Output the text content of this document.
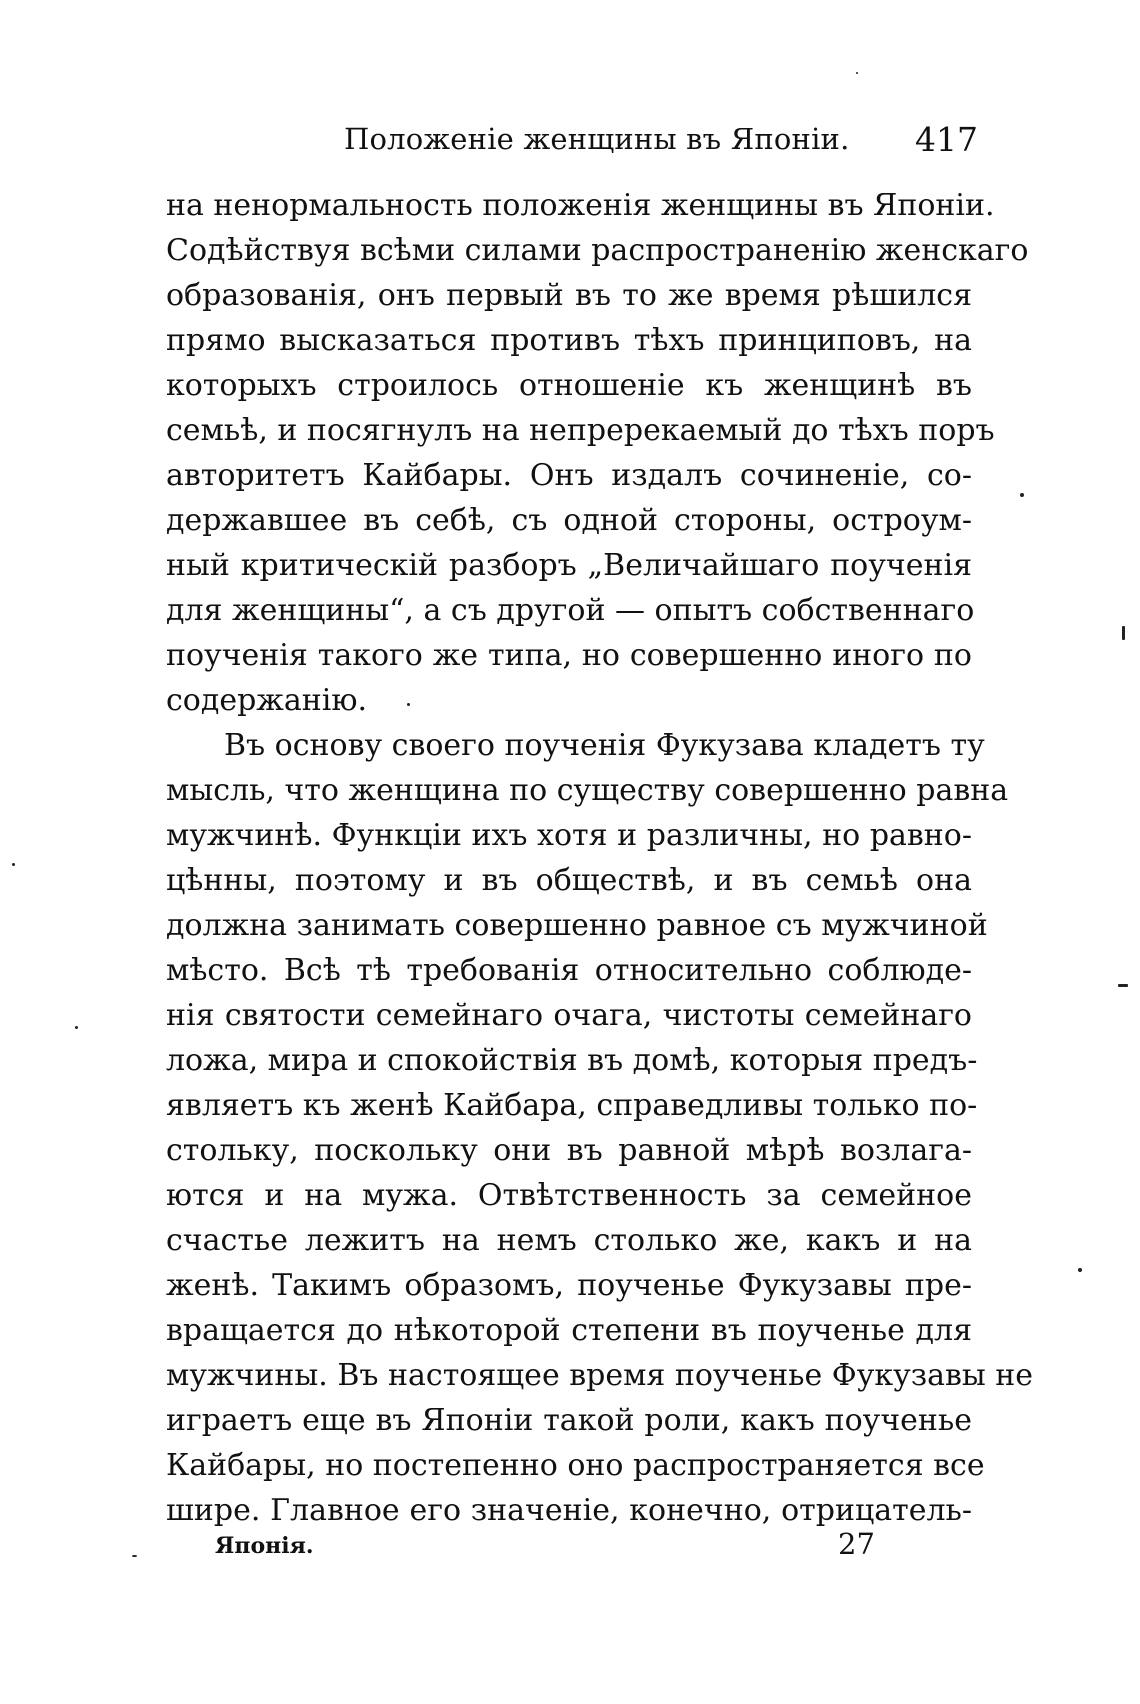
Положеніе женщины въ Японіи. 417
на ненормальность положенія женщины въ Японіи.
Содѣйствуя всѣми силами распространенію женскаго
образованія, онъ первый въ то же время рѣшился
прямо высказаться противъ тѣхъ принциповъ, на
которыхъ строилось отношеніе къ женщинѣ въ
семьѣ, и посягнулъ на непререкаемый до тѣхъ поръ
авторитетъ Кайбары. Онъ издалъ сочиненіе, со-
державшее въ себѣ, съ одной стороны, остроум-
ный критическій разборъ „Величайшаго поученія
для женщины“, а съ другой — опытъ собственнаго
поученія такого же типа, но совершенно иного по
содержанію.
Въ основу своего поученія Фукузава кладетъ ту
мысль, что женщина по существу совершенно равна
мужчинѣ. Функціи ихъ хотя и различны, но равно-
цѣнны, поэтому и въ обществѣ, и въ семьѣ она
должна занимать совершенно равное съ мужчиной
мѣсто. Всѣ тѣ требованія относительно соблюде-
нія святости семейнаго очага, чистоты семейнаго
ложа, мира и спокойствія въ домѣ, которыя предъ-
являетъ къ женѣ Кайбара, справедливы только по-
стольку, поскольку они въ равной мѣрѣ возлага-
ются и на мужа. Отвѣтственность за семейное
счастье лежитъ на немъ столько же, какъ и на
женѣ. Такимъ образомъ, поученье Фукузавы пре-
вращается до нѣкоторой степени въ поученье для
мужчины. Въ настоящее время поученье Фукузавы не
играетъ еще въ Японіи такой роли, какъ поученье
Кайбары, но постепенно оно распространяется все
шире. Главное его значеніе, конечно, отрицатель-
Японія.	27
